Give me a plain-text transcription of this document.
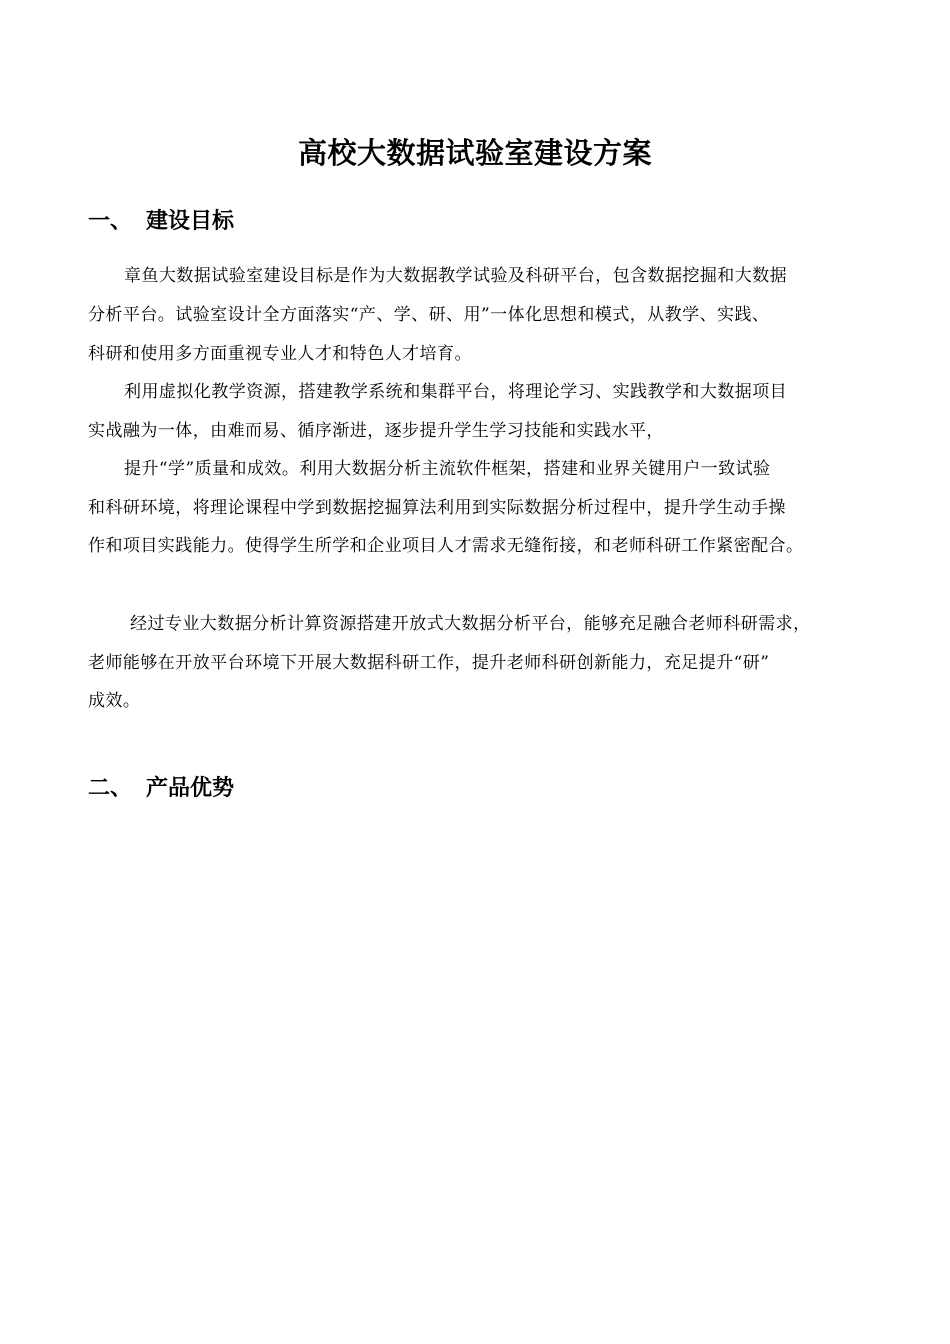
高校大数据试验室建设方案
一、 建设目标

章鱼大数据试验室建设目标是作为大数据教学试验及科研平台，包含数据挖掘和大数据

分析平台。试验室设计全方面落实“产、学、研、用”一体化思想和模式，从教学、实践、

科研和使用多方面重视专业人才和特色人才培育。

利用虚拟化教学资源，搭建教学系统和集群平台，将理论学习、实践教学和大数据项目

实战融为一体，由难而易、循序渐进，逐步提升学生学习技能和实践水平，

提升“学”质量和成效。利用大数据分析主流软件框架，搭建和业界关键用户一致试验

和科研环境，将理论课程中学到数据挖掘算法利用到实际数据分析过程中，提升学生动手操

作和项目实践能力。使得学生所学和企业项目人才需求无缝衔接，和老师科研工作紧密配合。

经过专业大数据分析计算资源搭建开放式大数据分析平台，能够充足融合老师科研需求，

老师能够在开放平台环境下开展大数据科研工作，提升老师科研创新能力，充足提升“研”

成效。

二、 产品优势
